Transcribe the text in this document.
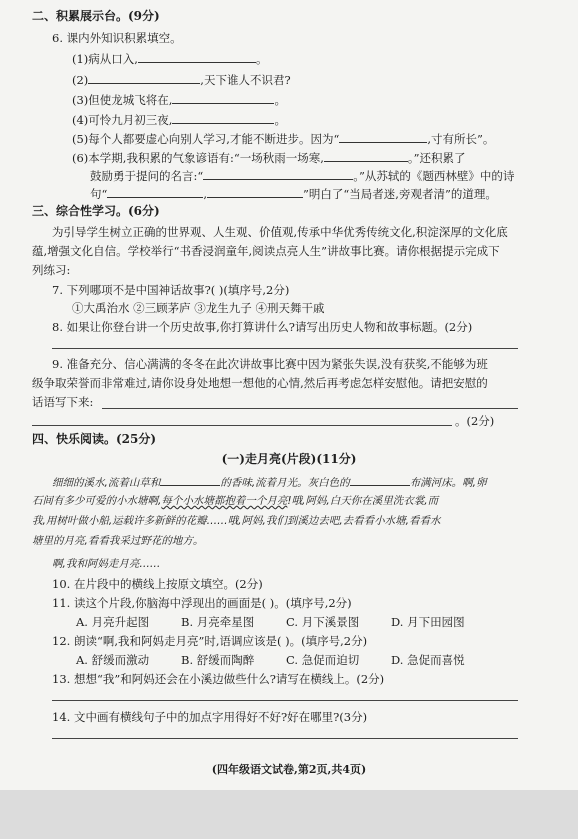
二、积累展示台。(9分)
6. 课内外知识积累填空。
(1)病从口入,	。
(2)	,天下谁人不识君?
(3)但使龙城飞将在,	。
(4)可怜九月初三夜,	。
(5)每个人都要虚心向别人学习,才能不断进步。因为“	,寸有所长”。
(6)本学期,我积累的气象谚语有:“一场秋雨一场寒,	。”还积累了
鼓励勇于提问的名言:“	。”从苏轼的《题西林壁》中的诗
句“	,	”明白了“当局者迷,旁观者清”的道理。
三、综合性学习。(6分)
为引导学生树立正确的世界观、人生观、价值观,传承中华优秀传统文化,积淀深厚的文化底
蕴,增强文化自信。学校举行“书香浸润童年,阅读点亮人生”讲故事比赛。请你根据提示完成下
列练习:
7. 下列哪项不是中国神话故事?( )(填序号,2分)
①大禹治水 ②三顾茅庐 ③龙生九子 ④刑天舞干戚
8. 如果让你登台讲一个历史故事,你打算讲什么?请写出历史人物和故事标题。(2分)
9. 准备充分、信心满满的冬冬在此次讲故事比赛中因为紧张失误,没有获奖,不能够为班
级争取荣誉而非常难过,请你设身处地想一想他的心情,然后再考虑怎样安慰他。请把安慰的
话语写下来:
。(2分)
四、快乐阅读。(25分)
(一)走月亮(片段)(11分)
细细的溪水,流着山草和	的香味,流着月光。灰白色的	布满河床。啊,卵
石间有多少可爱的小水塘啊,每个小水塘都抱着一个月亮!哦,阿妈,白天你在溪里洗衣裳,而
我,用树叶做小船,运载许多新鲜的花瓣……哦,阿妈,我们到溪边去吧,去看看小水塘,看看水
塘里的月亮,看看我采过野花的地方。
啊,我和阿妈走月亮……
10. 在片段中的横线上按原文填空。(2分)
11. 读这个片段,你脑海中浮现出的画面是( )。(填序号,2分)
A. 月亮升起图	B. 月亮牵星图	C. 月下溪景图	D. 月下田园图
12. 朗读“啊,我和阿妈走月亮”时,语调应该是( )。(填序号,2分)
A. 舒缓而激动	B. 舒缓而陶醉	C. 急促而迫切	D. 急促而喜悦
13. 想想“我”和阿妈还会在小溪边做些什么?请写在横线上。(2分)
14. 文中画有横线句子中的加点字用得好不好?好在哪里?(3分)
(四年级语文试卷,第2页,共4页)
